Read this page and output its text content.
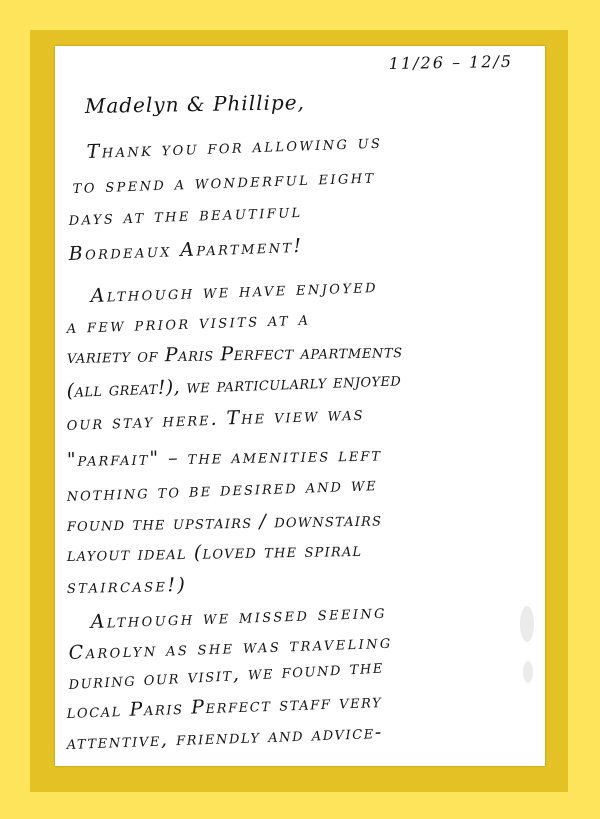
11/26 – 12/5
Madelyn & Phillipe,
Thank you for allowing us
to spend a wonderful eight
days at the beautiful
Bordeaux Apartment!
Although we have enjoyed
a few prior visits at a
variety of Paris Perfect apartments
(all great!), we particularly enjoyed
our stay here. The view was
"parfait" – the amenities left
nothing to be desired and we
found the upstairs / downstairs
layout ideal (loved the spiral
staircase!)
Although we missed seeing
Carolyn as she was traveling
during our visit, we found the
local Paris Perfect staff very
attentive, friendly and advice-
